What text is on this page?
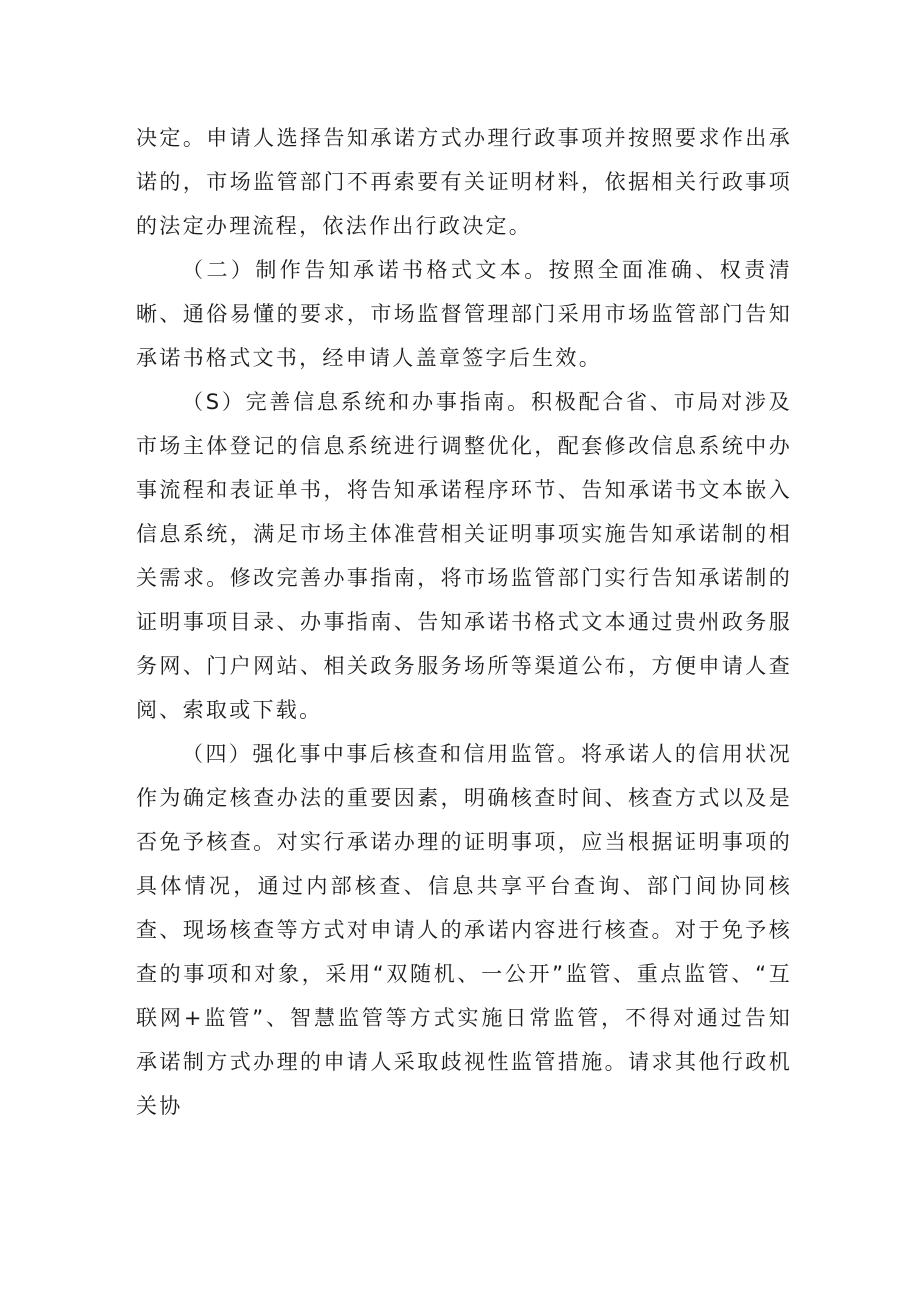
决定。申请人选择告知承诺方式办理行政事项并按照要求作出承诺的，市场监管部门不再索要有关证明材料，依据相关行政事项的法定办理流程，依法作出行政决定。

（二）制作告知承诺书格式文本。按照全面准确、权责清晰、通俗易懂的要求，市场监督管理部门采用市场监管部门告知承诺书格式文书，经申请人盖章签字后生效。

（S）完善信息系统和办事指南。积极配合省、市局对涉及市场主体登记的信息系统进行调整优化，配套修改信息系统中办事流程和表证单书，将告知承诺程序环节、告知承诺书文本嵌入信息系统，满足市场主体准营相关证明事项实施告知承诺制的相关需求。修改完善办事指南，将市场监管部门实行告知承诺制的证明事项目录、办事指南、告知承诺书格式文本通过贵州政务服务网、门户网站、相关政务服务场所等渠道公布，方便申请人查阅、索取或下载。

（四）强化事中事后核查和信用监管。将承诺人的信用状况作为确定核查办法的重要因素，明确核查时间、核查方式以及是否免予核查。对实行承诺办理的证明事项，应当根据证明事项的具体情况，通过内部核查、信息共享平台查询、部门间协同核查、现场核查等方式对申请人的承诺内容进行核查。对于免予核查的事项和对象，采用“双随机、一公开”监管、重点监管、“互联网+监管”、智慧监管等方式实施日常监管，不得对通过告知承诺制方式办理的申请人采取歧视性监管措施。请求其他行政机关协
